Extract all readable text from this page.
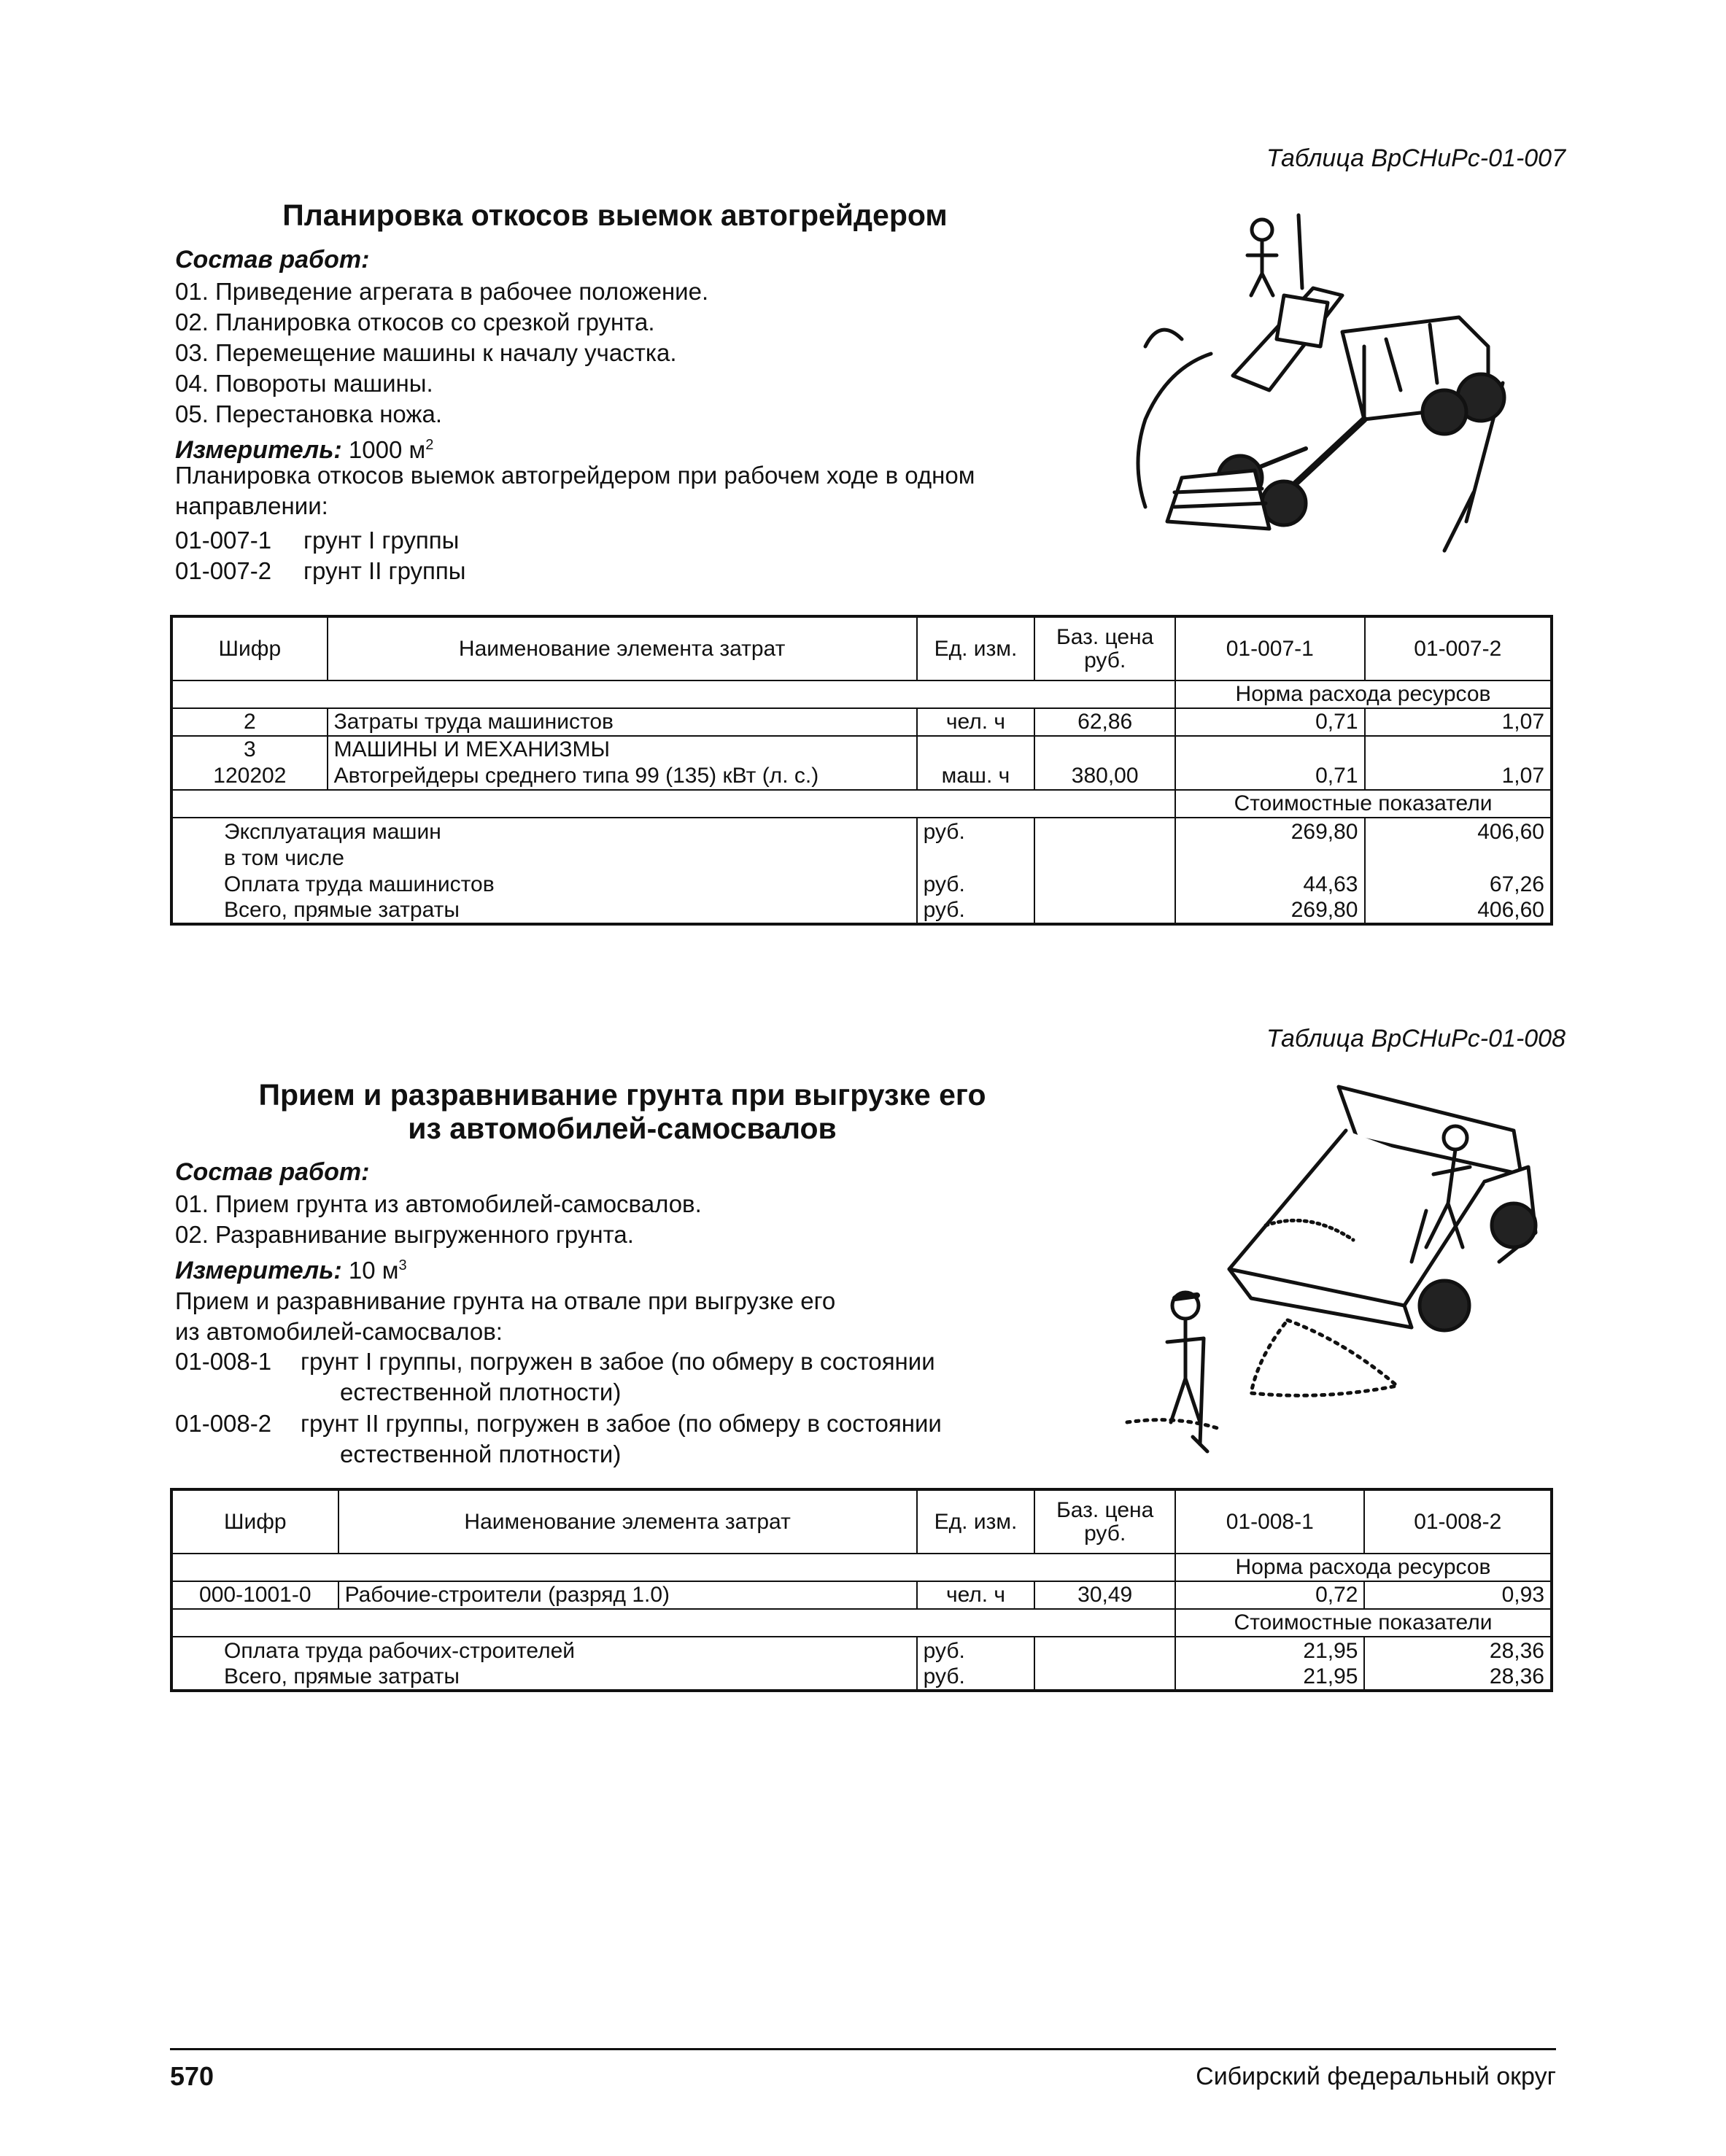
Таблица ВрСНиРс-01-007
Планировка откосов выемок автогрейдером
Состав работ:
01. Приведение агрегата в рабочее положение.
02. Планировка откосов со срезкой грунта.
03. Перемещение машины к началу участка.
04. Повороты машины.
05. Перестановка ножа.
Измеритель: 1000 $м^2$
Планировка откосов выемок автогрейдером при рабочем ходе в одном
направлении:
01-007-1 грунт I группы
01-007-2 грунт II группы
Шифр	Наименование элемента затрат	Ед. изм.	Баз. цена руб.	01-007-1	01-007-2
				Норма расхода ресурсов	
2	Затраты труда машинистов	чел. ч	62,86	0,71	1,07
3	МАШИНЫ И МЕХАНИЗМЫ				
120202	Автогрейдеры среднего типа 99 (135) кВт (л. с.)	маш. ч	380,00	0,71	1,07
				Стоимостные показатели	
Эксплуатация машин		руб.		269,80	406,60
в том числе					
Оплата труда машинистов		руб.		44,63	67,26
Всего, прямые затраты		руб.		269,80	406,60
Таблица ВрСНиРс-01-008
Прием и разравнивание грунта при выгрузке его
из автомобилей-самосвалов
Состав работ:
01. Прием грунта из автомобилей-самосвалов.
02. Разравнивание выгруженного грунта.
Измеритель: 10 $м^3$
Прием и разравнивание грунта на отвале при выгрузке его
из автомобилей-самосвалов:
01-008-1 грунт I группы, погружен в забое (по обмеру в состоянии
естественной плотности)
01-008-2 грунт II группы, погружен в забое (по обмеру в состоянии
естественной плотности)
Шифр	Наименование элемента затрат	Ед. изм.	Баз. цена руб.	01-008-1	01-008-2
				Норма расхода ресурсов	
000-1001-0	Рабочие-строители (разряд 1.0)	чел. ч	30,49	0,72	0,93
				Стоимостные показатели	
Оплата труда рабочих-строителей		руб.		21,95	28,36
Всего, прямые затраты		руб.		21,95	28,36
570	Сибирский федеральный округ
